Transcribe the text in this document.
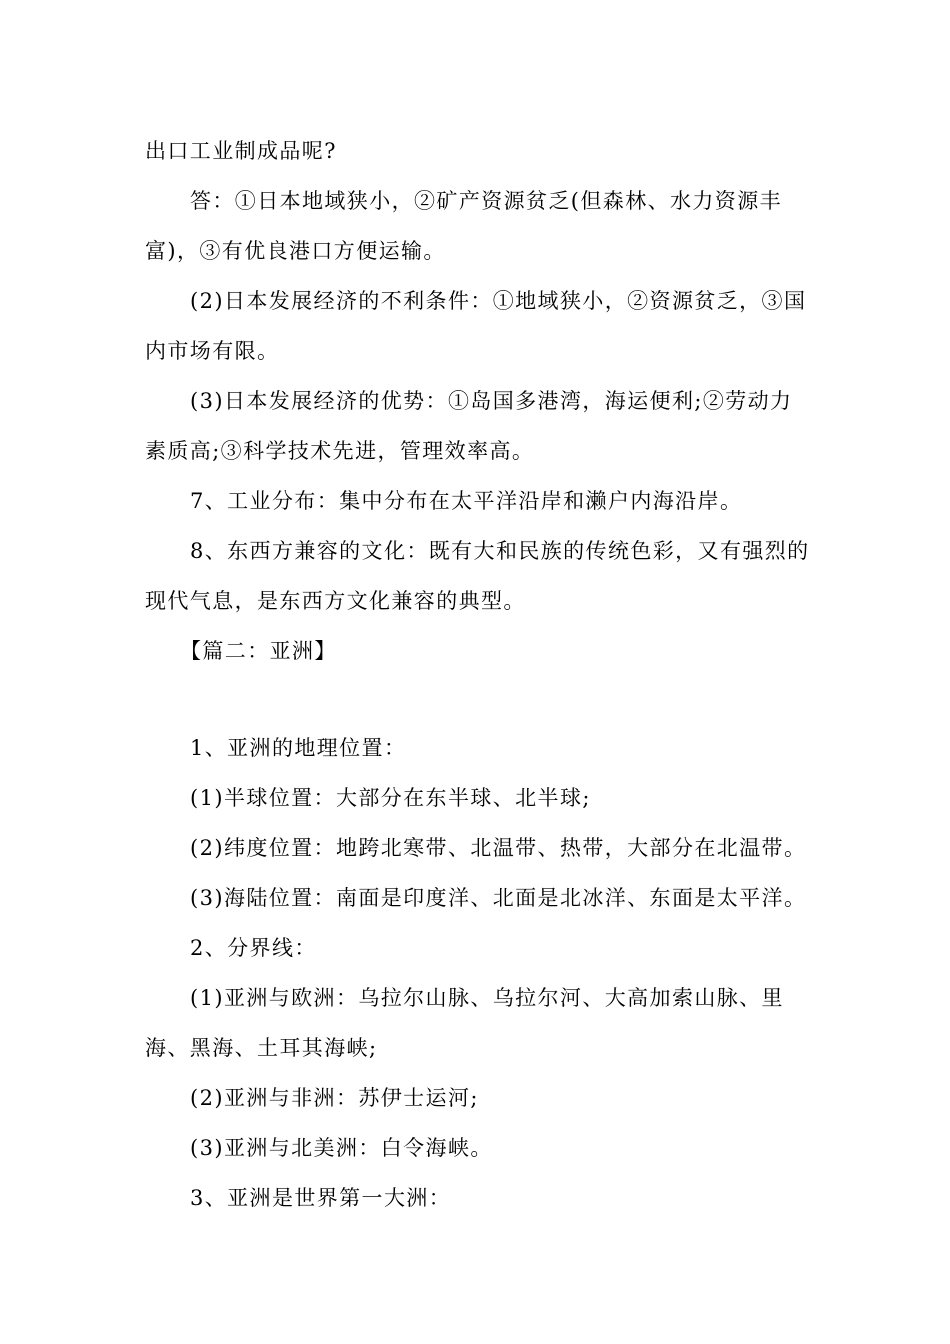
出口工业制成品呢?
答：①日本地域狭小，②矿产资源贫乏(但森林、水力资源丰
富)，③有优良港口方便运输。
(2)日本发展经济的不利条件：①地域狭小，②资源贫乏，③国
内市场有限。
(3)日本发展经济的优势：①岛国多港湾，海运便利;②劳动力
素质高;③科学技术先进，管理效率高。
7、工业分布：集中分布在太平洋沿岸和濑户内海沿岸。
8、东西方兼容的文化：既有大和民族的传统色彩，又有强烈的
现代气息，是东西方文化兼容的典型。
【篇二：亚洲】
1、亚洲的地理位置：
(1)半球位置：大部分在东半球、北半球;
(2)纬度位置：地跨北寒带、北温带、热带，大部分在北温带。
(3)海陆位置：南面是印度洋、北面是北冰洋、东面是太平洋。
2、分界线：
(1)亚洲与欧洲：乌拉尔山脉、乌拉尔河、大高加索山脉、里
海、黑海、土耳其海峡;
(2)亚洲与非洲：苏伊士运河;
(3)亚洲与北美洲：白令海峡。
3、亚洲是世界第一大洲：
